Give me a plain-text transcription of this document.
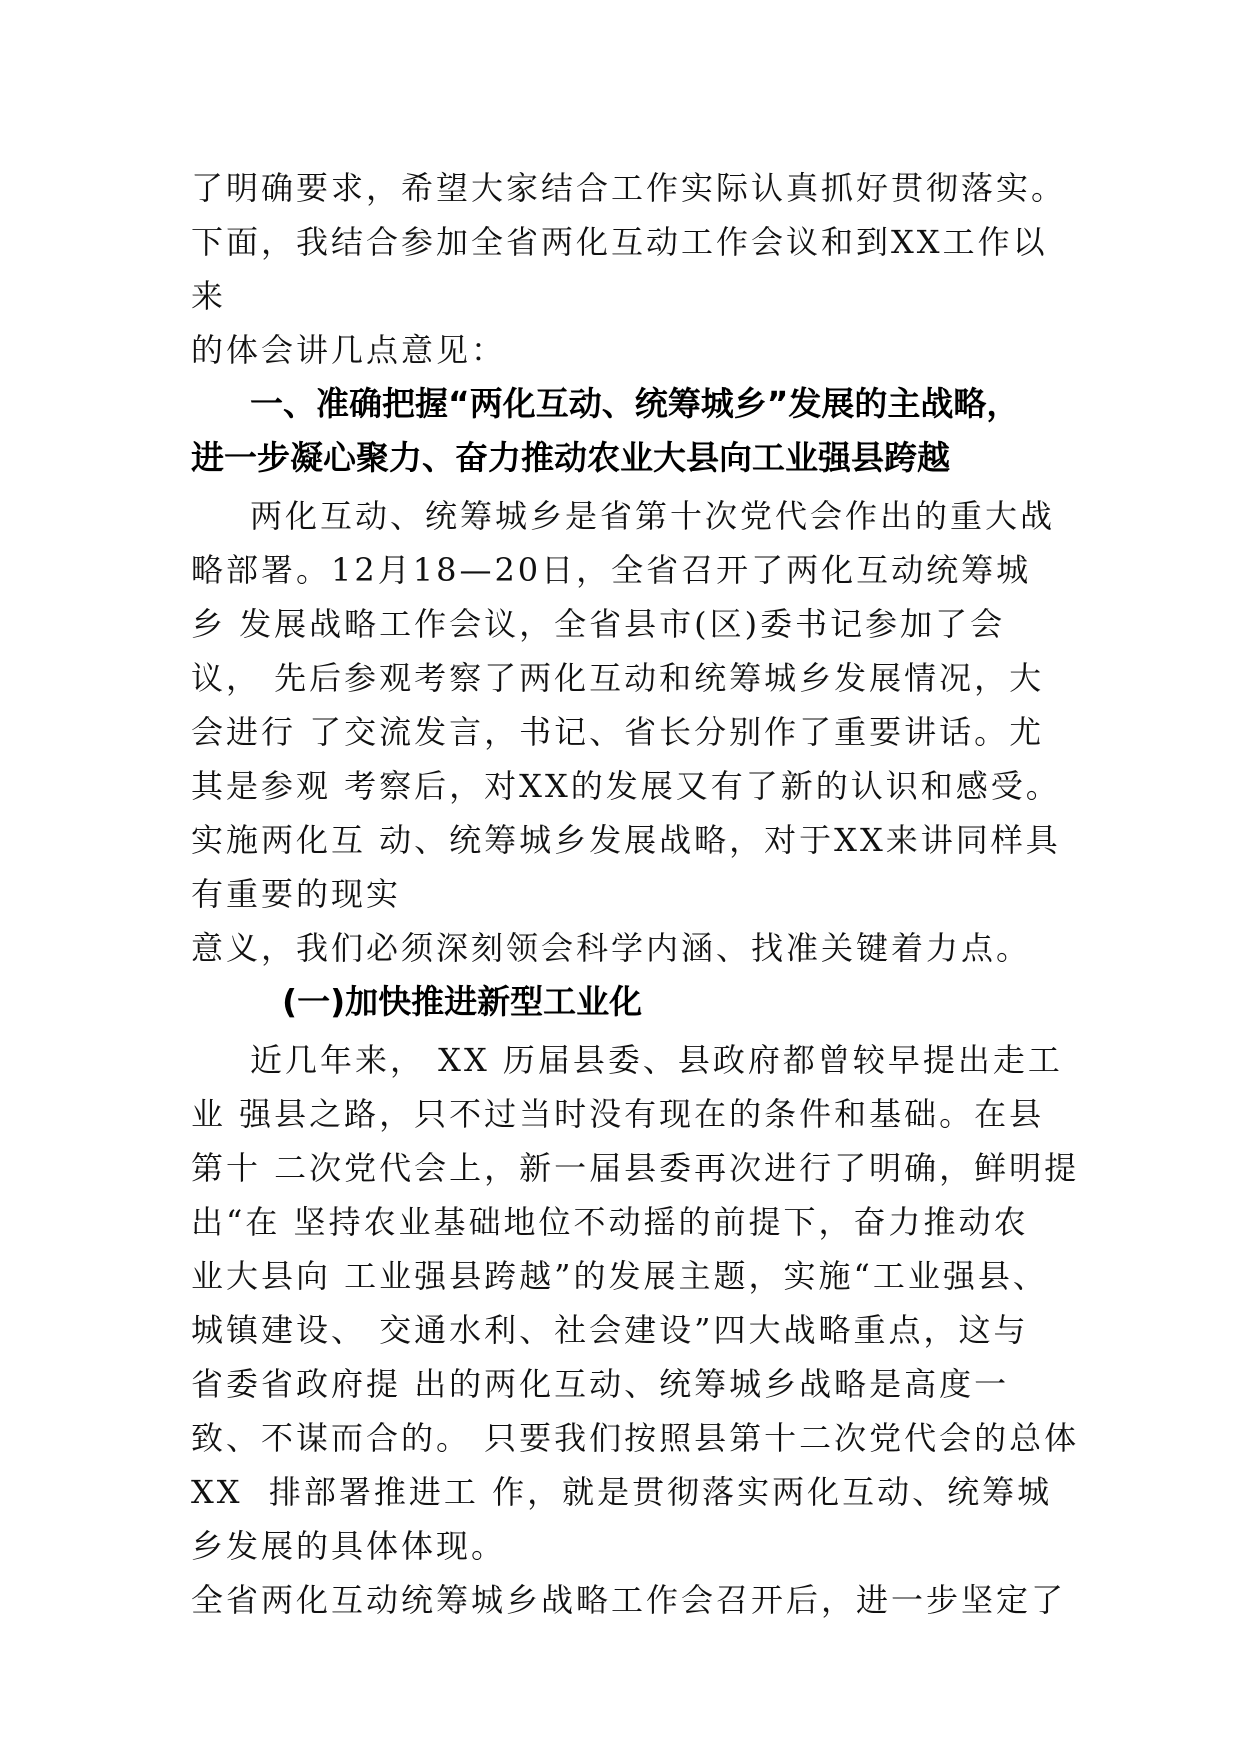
了明确要求，希望大家结合工作实际认真抓好贯彻落实。
下面，我结合参加全省两化互动工作会议和到XX工作以
来
的体会讲几点意见：
一、准确把握“两化互动、统筹城乡”发展的主战略，
进一步凝心聚力、奋力推动农业大县向工业强县跨越
两化互动、统筹城乡是省第十次党代会作出的重大战
略部署。12月18—20日，全省召开了两化互动统筹城
乡 发展战略工作会议，全省县市(区)委书记参加了会
议， 先后参观考察了两化互动和统筹城乡发展情况，大
会进行 了交流发言，书记、省长分别作了重要讲话。尤
其是参观 考察后，对XX的发展又有了新的认识和感受。
实施两化互 动、统筹城乡发展战略，对于XX来讲同样具
有重要的现实
意义，我们必须深刻领会科学内涵、找准关键着力点。
(一)加快推进新型工业化
近几年来， XX 历届县委、县政府都曾较早提出走工
业 强县之路，只不过当时没有现在的条件和基础。在县
第十 二次党代会上，新一届县委再次进行了明确，鲜明提
出“在 坚持农业基础地位不动摇的前提下，奋力推动农
业大县向 工业强县跨越”的发展主题，实施“工业强县、
城镇建设、 交通水利、社会建设”四大战略重点，这与
省委省政府提 出的两化互动、统筹城乡战略是高度一
致、不谋而合的。 只要我们按照县第十二次党代会的总体
XX  排部署推进工 作，就是贯彻落实两化互动、统筹城
乡发展的具体体现。
全省两化互动统筹城乡战略工作会召开后，进一步坚定了
